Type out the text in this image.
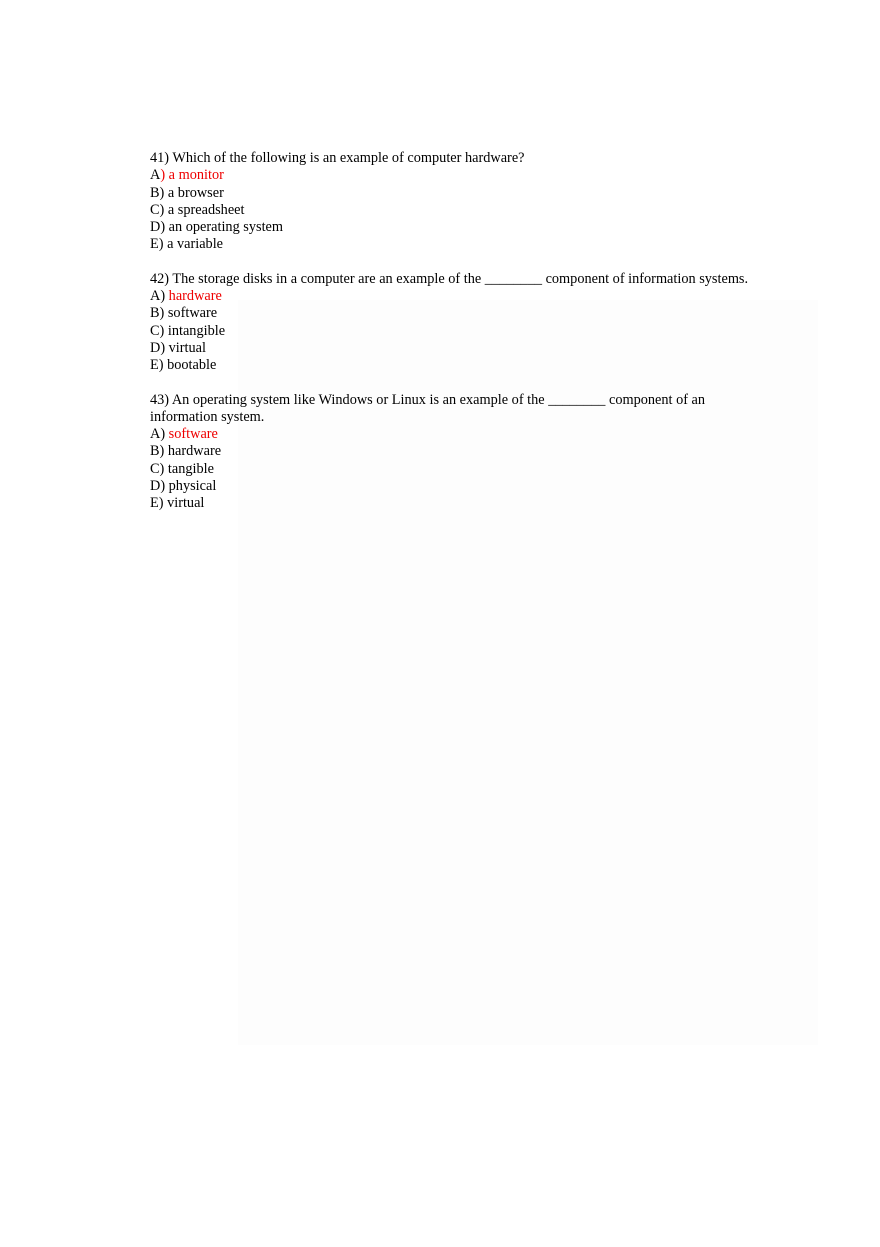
41) Which of the following is an example of computer hardware?
A) a monitor
B) a browser
C) a spreadsheet
D) an operating system
E) a variable
42) The storage disks in a computer are an example of the ________ component of information systems.
A) hardware
B) software
C) intangible
D) virtual
E) bootable
43) An operating system like Windows or Linux is an example of the ________ component of an information system.
A) software
B) hardware
C) tangible
D) physical
E) virtual
